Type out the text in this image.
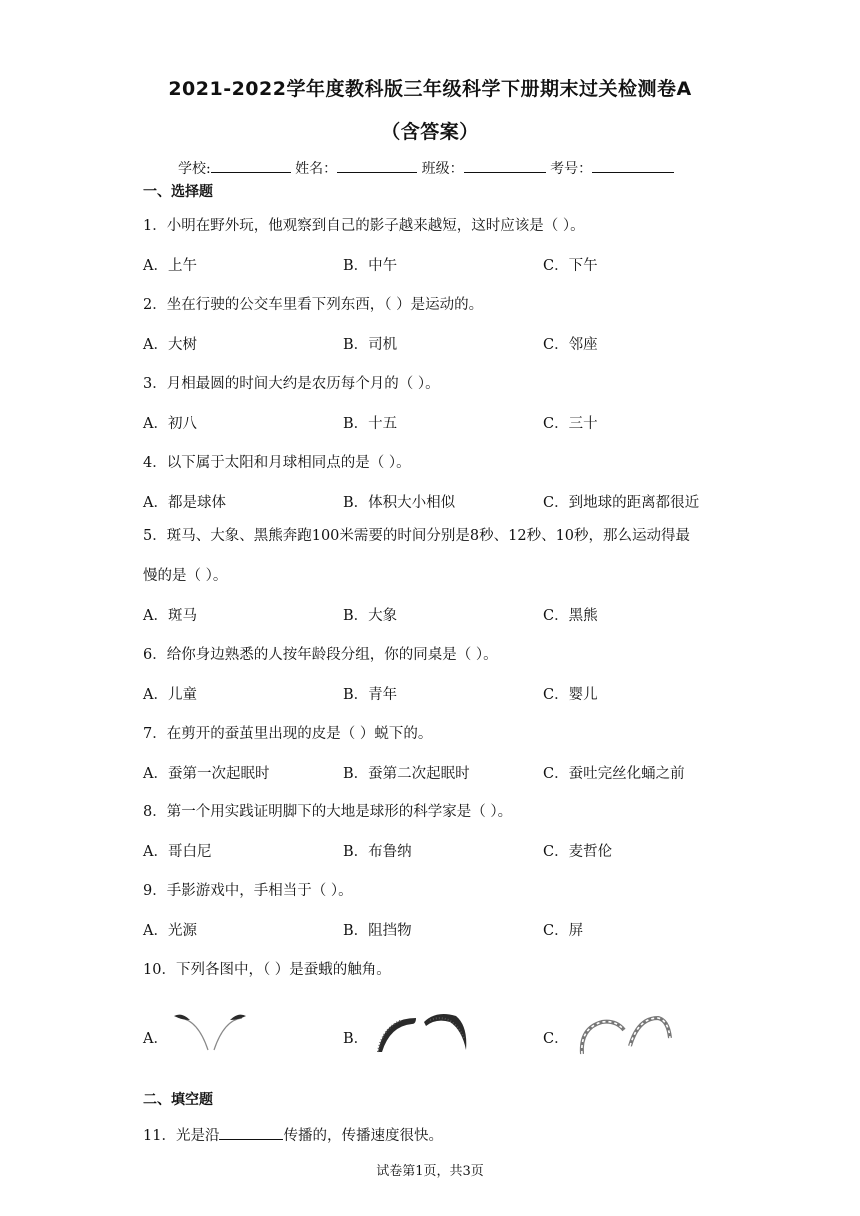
2021-2022学年度教科版三年级科学下册期末过关检测卷A
（含答案）
学校:	姓名：	班级：	考号：
一、选择题
1．小明在野外玩，他观察到自己的影子越来越短，这时应该是（ ）。
A．上午	B．中午	C．下午
2．坐在行驶的公交车里看下列东西，（ ）是运动的。
A．大树	B．司机	C．邻座
3．月相最圆的时间大约是农历每个月的（ ）。
A．初八	B．十五	C．三十
4．以下属于太阳和月球相同点的是（ ）。
A．都是球体	B．体积大小相似	C．到地球的距离都很近
5．斑马、大象、黑熊奔跑100米需要的时间分别是8秒、12秒、10秒，那么运动得最
慢的是（ ）。
A．斑马	B．大象	C．黑熊
6．给你身边熟悉的人按年龄段分组，你的同桌是（ ）。
A．儿童	B．青年	C．婴儿
7．在剪开的蚕茧里出现的皮是（ ）蜕下的。
A．蚕第一次起眠时	B．蚕第二次起眠时	C．蚕吐完丝化蛹之前
8．第一个用实践证明脚下的大地是球形的科学家是（ ）。
A．哥白尼	B．布鲁纳	C．麦哲伦
9．手影游戏中，手相当于（ ）。
A．光源	B．阻挡物	C．屏
10．下列各图中，（ ）是蚕蛾的触角。
A．	B．	C．
二、填空题
11．光是沿	传播的，传播速度很快。
试卷第1页，共3页
